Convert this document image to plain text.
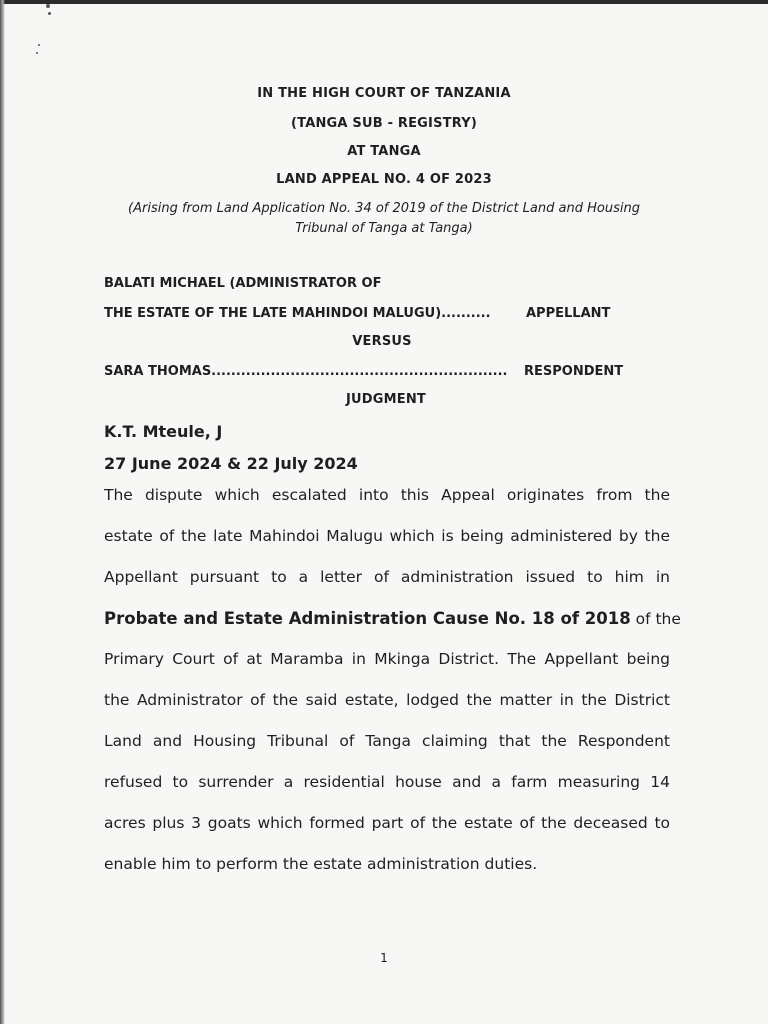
IN THE HIGH COURT OF TANZANIA
(TANGA SUB - REGISTRY)
AT TANGA
LAND APPEAL NO. 4 OF 2023
(Arising from Land Application No. 34 of 2019 of the District Land and Housing
Tribunal of Tanga at Tanga)
BALATI MICHAEL (ADMINISTRATOR OF
THE ESTATE OF THE LATE MAHINDOI MALUGU)..........	APPELLANT
VERSUS
SARA THOMAS............................................................ RESPONDENT
JUDGMENT
K.T. Mteule, J
27 June 2024 & 22 July 2024
The dispute which escalated into this Appeal originates from the
estate of the late Mahindoi Malugu which is being administered by the
Appellant pursuant to a letter of administration issued to him in
Probate and Estate Administration Cause No. 18 of 2018 of the
Primary Court of at Maramba in Mkinga District. The Appellant being
the Administrator of the said estate, lodged the matter in the District
Land and Housing Tribunal of Tanga claiming that the Respondent
refused to surrender a residential house and a farm measuring 14
acres plus 3 goats which formed part of the estate of the deceased to
enable him to perform the estate administration duties.
1
